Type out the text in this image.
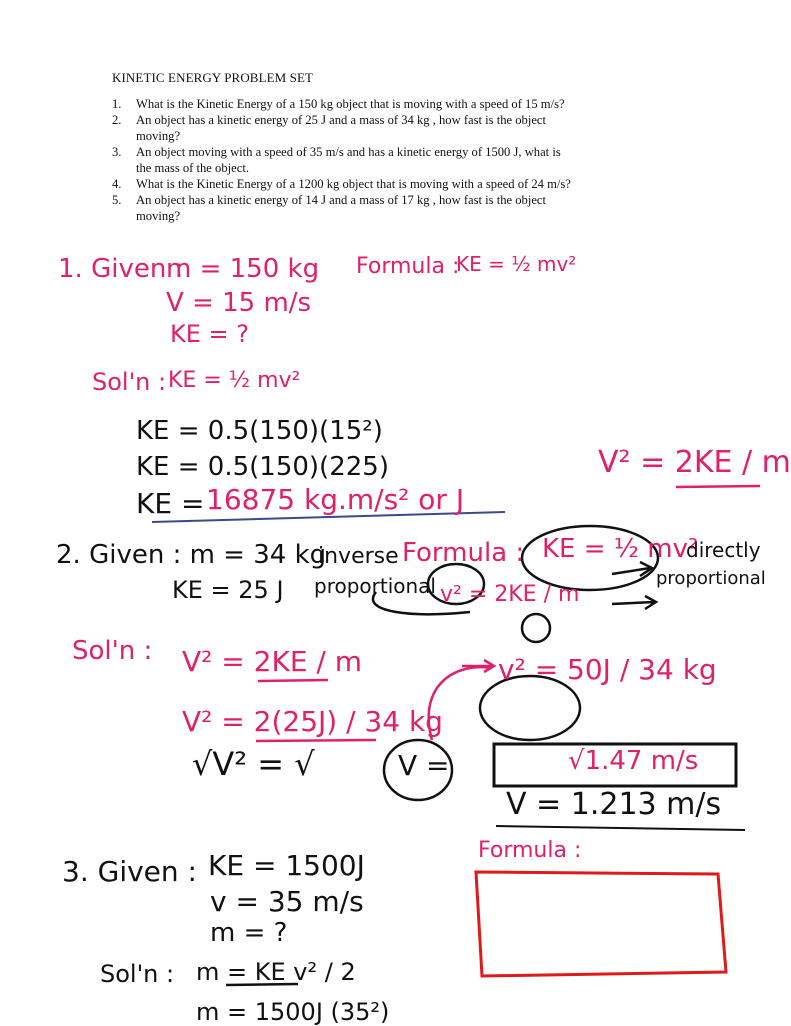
KINETIC ENERGY PROBLEM SET
1.	What is the Kinetic Energy of a 150 kg object that is moving with a speed of 15 m/s?
2.	An object has a kinetic energy of 25 J and a mass of 34 kg , how fast is the object
moving?
3.	An object moving with a speed of 35 m/s and has a kinetic energy of 1500 J, what is
the mass of the object.
4.	What is the Kinetic Energy of a 1200 kg object that is moving with a speed of 24 m/s?
5.	An object has a kinetic energy of 14 J and a mass of 17 kg , how fast is the object
moving?
1. Given :
m = 150 kg
V = 15 m/s
KE = ?
Formula :
KE = ½ mv²
Sol'n : KE = ½ mv²
KE = 0.5(150)(15²)
KE = 0.5(150)(225)
KE = 16875 kg.m/s² or J
V² = 2KE / m
2. Given : m = 34 kg
KE = 25 J
inverse
proportional
Formula : KE = ½ mv²
directly
proportional
v² = 2KE / m
Sol'n : V² = 2KE / m
V² = 2(25J) / 34 kg
√V² = √	V =
v² = 50J / 34 kg
√1.47 m/s
V = 1.213 m/s
3. Given : KE = 1500J
v = 35 m/s
m = ?
Formula :
Sol'n : m = KE v² / 2
m = 1500J (35²)
